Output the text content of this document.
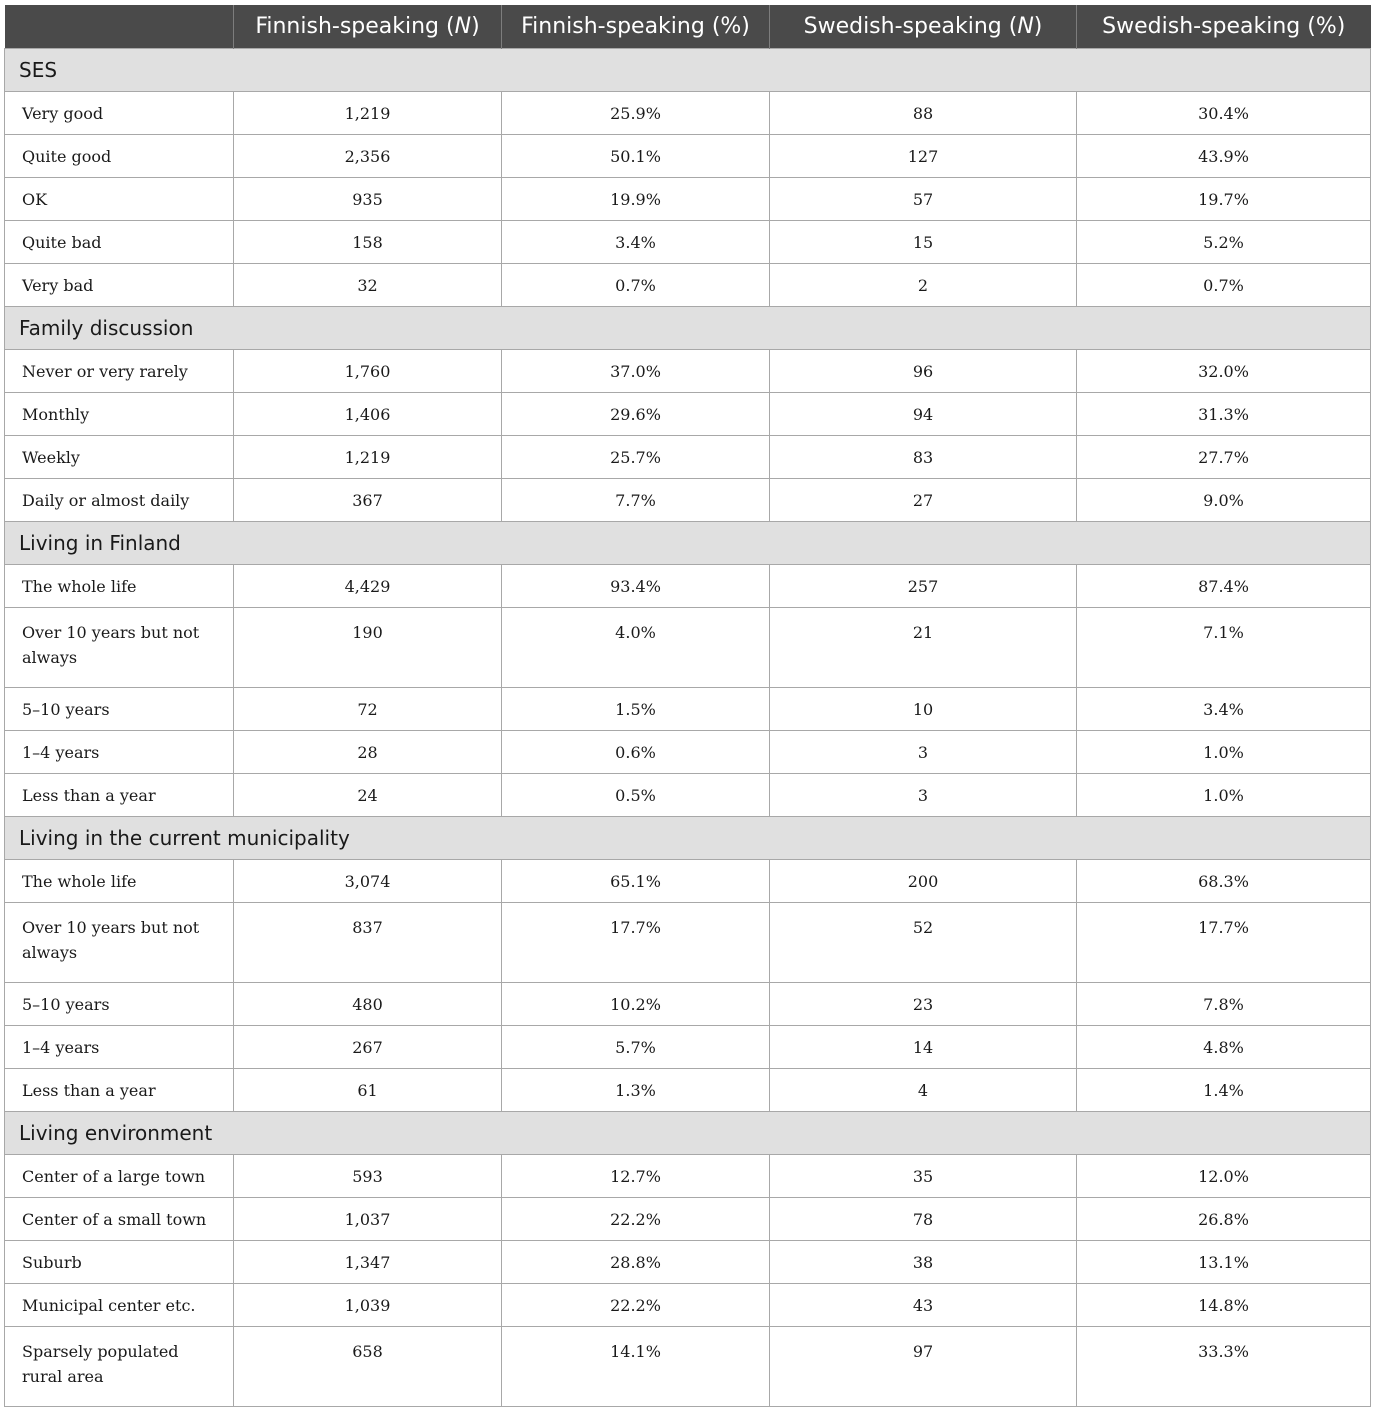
	Finnish-speaking (N)	Finnish-speaking (%)	Swedish-speaking (N)	Swedish-speaking (%)
SES				
Very good	1,219	25.9%	88	30.4%
Quite good	2,356	50.1%	127	43.9%
OK	935	19.9%	57	19.7%
Quite bad	158	3.4%	15	5.2%
Very bad	32	0.7%	2	0.7%
Family discussion				
Never or very rarely	1,760	37.0%	96	32.0%
Monthly	1,406	29.6%	94	31.3%
Weekly	1,219	25.7%	83	27.7%
Daily or almost daily	367	7.7%	27	9.0%
Living in Finland				
The whole life	4,429	93.4%	257	87.4%
Over 10 years but not always	190	4.0%	21	7.1%
5–10 years	72	1.5%	10	3.4%
1–4 years	28	0.6%	3	1.0%
Less than a year	24	0.5%	3	1.0%
Living in the current municipality				
The whole life	3,074	65.1%	200	68.3%
Over 10 years but not always	837	17.7%	52	17.7%
5–10 years	480	10.2%	23	7.8%
1–4 years	267	5.7%	14	4.8%
Less than a year	61	1.3%	4	1.4%
Living environment				
Center of a large town	593	12.7%	35	12.0%
Center of a small town	1,037	22.2%	78	26.8%
Suburb	1,347	28.8%	38	13.1%
Municipal center etc.	1,039	22.2%	43	14.8%
Sparsely populated rural area	658	14.1%	97	33.3%
